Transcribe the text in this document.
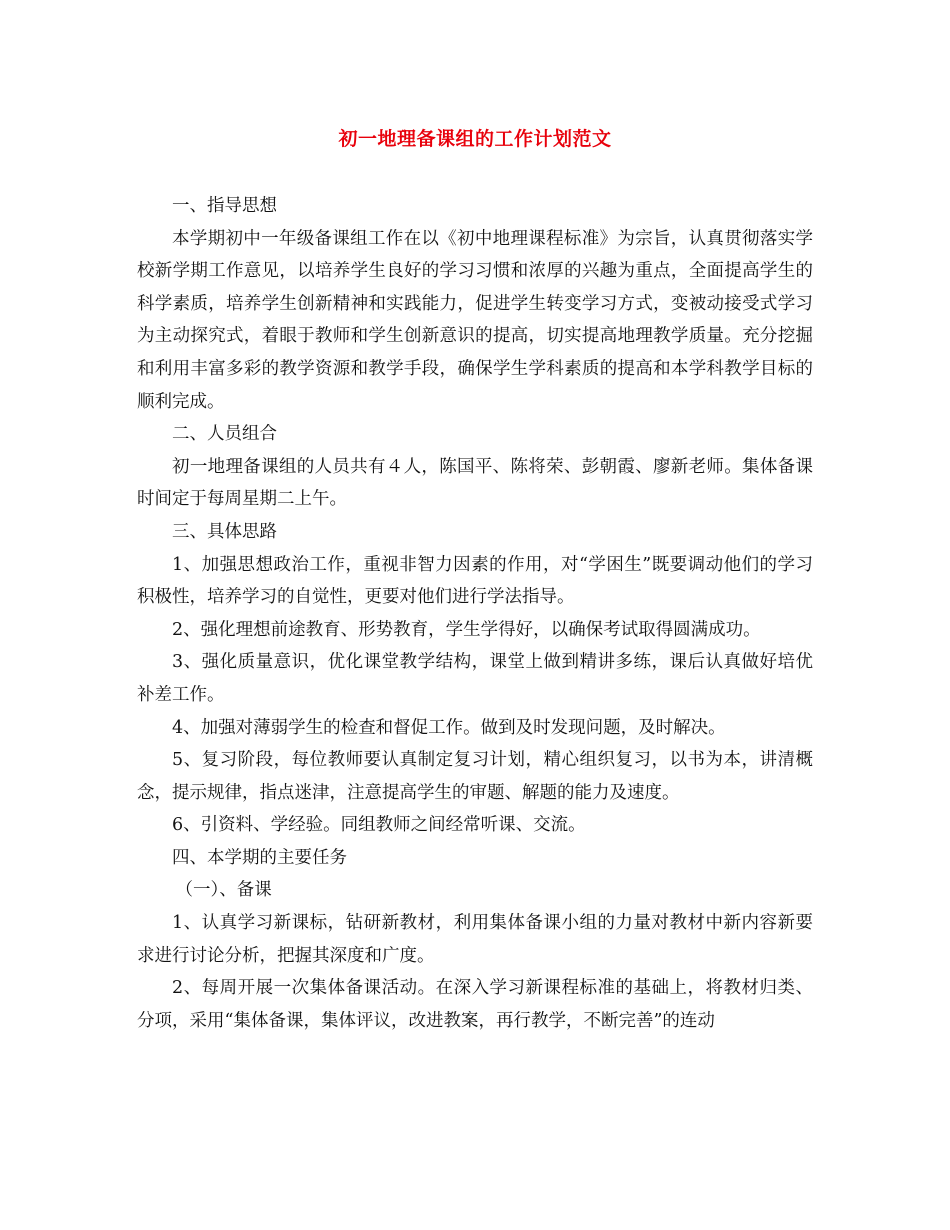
初一地理备课组的工作计划范文

一、指导思想

本学期初中一年级备课组工作在以《初中地理课程标准》为宗旨，认真贯彻落实学校新学期工作意见，以培养学生良好的学习习惯和浓厚的兴趣为重点，全面提高学生的科学素质，培养学生创新精神和实践能力，促进学生转变学习方式，变被动接受式学习为主动探究式，着眼于教师和学生创新意识的提高，切实提高地理教学质量。充分挖掘和利用丰富多彩的教学资源和教学手段，确保学生学科素质的提高和本学科教学目标的顺利完成。

二、人员组合

初一地理备课组的人员共有４人，陈国平、陈将荣、彭朝霞、廖新老师。集体备课时间定于每周星期二上午。

三、具体思路

1、加强思想政治工作，重视非智力因素的作用，对“学困生”既要调动他们的学习积极性，培养学习的自觉性，更要对他们进行学法指导。

2、强化理想前途教育、形势教育，学生学得好，以确保考试取得圆满成功。

3、强化质量意识，优化课堂教学结构，课堂上做到精讲多练，课后认真做好培优补差工作。

4、加强对薄弱学生的检查和督促工作。做到及时发现问题，及时解决。

5、复习阶段，每位教师要认真制定复习计划，精心组织复习，以书为本，讲清概念，提示规律，指点迷津，注意提高学生的审题、解题的能力及速度。

6、引资料、学经验。同组教师之间经常听课、交流。

四、本学期的主要任务

（一）、备课

1、认真学习新课标，钻研新教材，利用集体备课小组的力量对教材中新内容新要求进行讨论分析，把握其深度和广度。

2、每周开展一次集体备课活动。在深入学习新课程标准的基础上，将教材归类、分项，采用“集体备课，集体评议，改进教案，再行教学，不断完善”的连动
